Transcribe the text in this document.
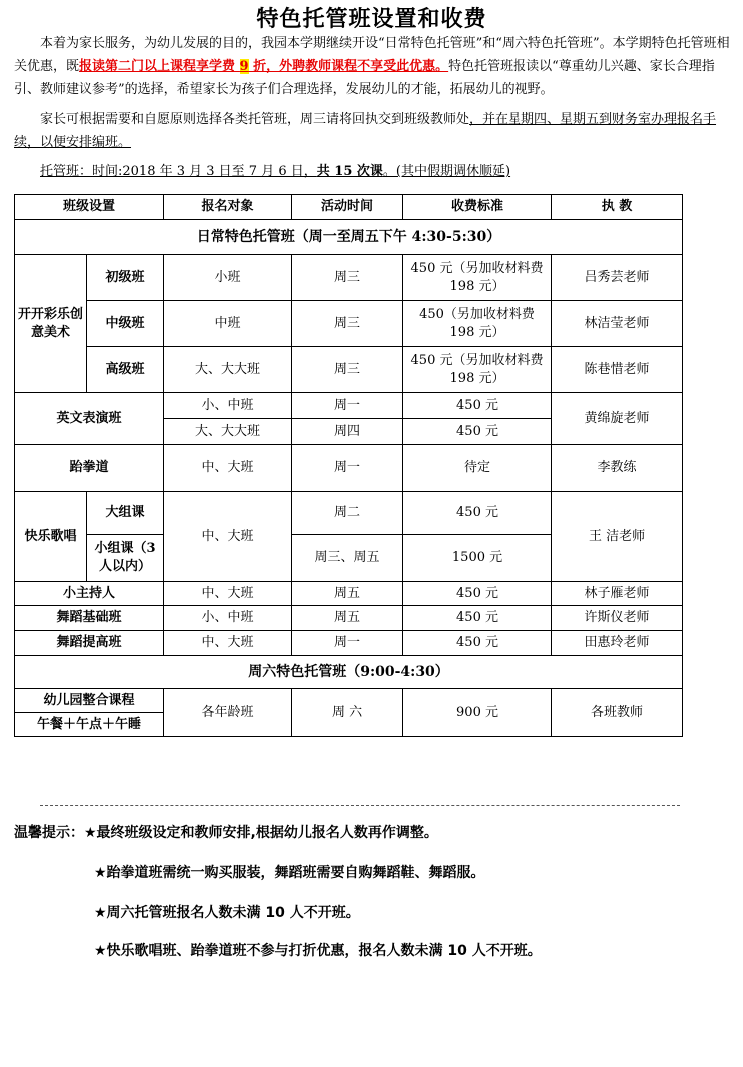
特色托管班设置和收费
本着为家长服务，为幼儿发展的目的，我园本学期继续开设“日常特色托管班”和“周六特色托管班”。本学期特色托管班相关优惠，既报读第二门以上课程享学费 9 折，外聘教师课程不享受此优惠。特色托管班报读以“尊重幼儿兴趣、家长合理指引、教师建议参考”的选择，希望家长为孩子们合理选择，发展幼儿的才能，拓展幼儿的视野。
家长可根据需要和自愿原则选择各类托管班，周三请将回执交到班级教师处，并在星期四、星期五到财务室办理报名手续，以便安排编班。
托管班：时间:2018 年 3 月 3 日至 7 月 6 日，共 15 次课。(其中假期调休顺延)
班级设置		报名对象	活动时间	收费标准	执 教
日常特色托管班（周一至周五下午 4:30-5:30）					
开开彩乐创意美术	初级班	小班	周三	450 元（另加收材料费 198 元）	吕秀芸老师
	中级班	中班	周三	450（另加收材料费 198 元）	林洁莹老师
	高级班	大、大大班	周三	450 元（另加收材料费 198 元）	陈巷惜老师
英文表演班		小、中班	周一	450 元	黄绵旋老师
		大、大大班	周四	450 元	
跆拳道		中、大班	周一	待定	李教练
快乐歌唱	大组课	中、大班	周二	450 元	王 洁老师
	小组课（3 人以内）		周三、周五	1500 元	
小主持人		中、大班	周五	450 元	林子雁老师
舞蹈基础班		小、中班	周五	450 元	许斯仪老师
舞蹈提高班		中、大班	周一	450 元	田惠玲老师
周六特色托管班（9:00-4:30）					
幼儿园整合课程		各年龄班	周 六	900 元	各班教师
午餐＋午点＋午睡					
温馨提示：★最终班级设定和教师安排,根据幼儿报名人数再作调整。
★跆拳道班需统一购买服装，舞蹈班需要自购舞蹈鞋、舞蹈服。
★周六托管班报名人数未满 10 人不开班。
★快乐歌唱班、跆拳道班不参与打折优惠，报名人数未满 10 人不开班。
